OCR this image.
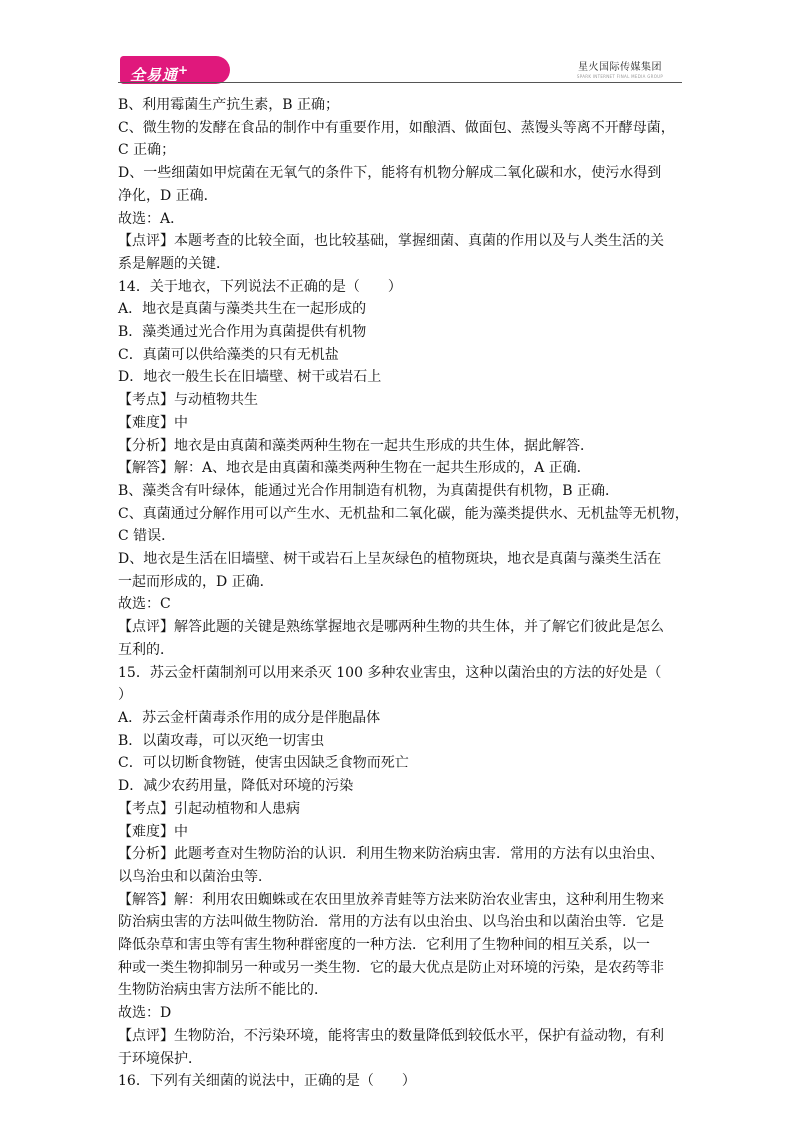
全易通+	星火国际传媒集团
SPARK INTERNET FINAL MEDIA GROUP
B、利用霉菌生产抗生素，B 正确；
C、微生物的发酵在食品的制作中有重要作用，如酿酒、做面包、蒸馒头等离不开酵母菌，
C 正确；
D、一些细菌如甲烷菌在无氧气的条件下，能将有机物分解成二氧化碳和水，使污水得到
净化，D 正确．
故选：A．
【点评】本题考查的比较全面，也比较基础，掌握细菌、真菌的作用以及与人类生活的关
系是解题的关键．
14．关于地衣，下列说法不正确的是（　　）
A．地衣是真菌与藻类共生在一起形成的
B．藻类通过光合作用为真菌提供有机物
C．真菌可以供给藻类的只有无机盐
D．地衣一般生长在旧墙壁、树干或岩石上
【考点】与动植物共生
【难度】中
【分析】地衣是由真菌和藻类两种生物在一起共生形成的共生体，据此解答．
【解答】解：A、地衣是由真菌和藻类两种生物在一起共生形成的，A 正确．
B、藻类含有叶绿体，能通过光合作用制造有机物，为真菌提供有机物，B 正确．
C、真菌通过分解作用可以产生水、无机盐和二氧化碳，能为藻类提供水、无机盐等无机物，
C 错误．
D、地衣是生活在旧墙壁、树干或岩石上呈灰绿色的植物斑块，地衣是真菌与藻类生活在
一起而形成的，D 正确．
故选：C
【点评】解答此题的关键是熟练掌握地衣是哪两种生物的共生体，并了解它们彼此是怎么
互利的．
15．苏云金杆菌制剂可以用来杀灭 100 多种农业害虫，这种以菌治虫的方法的好处是（
）
A．苏云金杆菌毒杀作用的成分是伴胞晶体
B．以菌攻毒，可以灭绝一切害虫
C．可以切断食物链，使害虫因缺乏食物而死亡
D．减少农药用量，降低对环境的污染
【考点】引起动植物和人患病
【难度】中
【分析】此题考查对生物防治的认识．利用生物来防治病虫害．常用的方法有以虫治虫、
以鸟治虫和以菌治虫等．
【解答】解：利用农田蜘蛛或在农田里放养青蛙等方法来防治农业害虫，这种利用生物来
防治病虫害的方法叫做生物防治．常用的方法有以虫治虫、以鸟治虫和以菌治虫等．它是
降低杂草和害虫等有害生物种群密度的一种方法．它利用了生物种间的相互关系，以一
种或一类生物抑制另一种或另一类生物．它的最大优点是防止对环境的污染，是农药等非
生物防治病虫害方法所不能比的．
故选：D
【点评】生物防治，不污染环境，能将害虫的数量降低到较低水平，保护有益动物，有利
于环境保护．
16．下列有关细菌的说法中，正确的是（　　）
